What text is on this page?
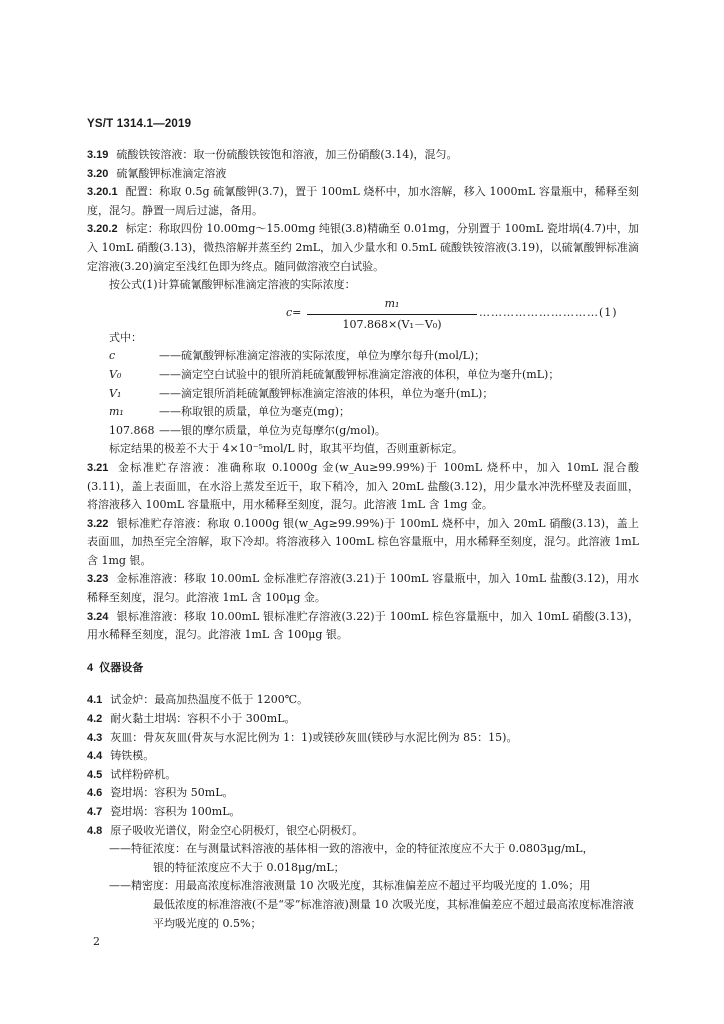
YS/T 1314.1—2019

3.19 硫酸铁铵溶液：取一份硫酸铁铵饱和溶液，加三份硝酸(3.14)，混匀。

3.20 硫氰酸钾标准滴定溶液

3.20.1 配置：称取 0.5g 硫氰酸钾(3.7)，置于 100mL 烧杯中，加水溶解，移入 1000mL 容量瓶中，稀释至刻度，混匀。静置一周后过滤，备用。

3.20.2 标定：称取四份 10.00mg～15.00mg 纯银(3.8)精确至 0.01mg，分别置于 100mL 瓷坩埚(4.7)中，加入 10mL 硝酸(3.13)，微热溶解并蒸至约 2mL，加入少量水和 0.5mL 硫酸铁铵溶液(3.19)，以硫氰酸钾标准滴定溶液(3.20)滴定至浅红色即为终点。随同做溶液空白试验。

按公式(1)计算硫氰酸钾标准滴定溶液的实际浓度：

$c= \frac{\text{m₁}}{\text{107.868×(V₁－V₀)}}$ …………………………(1)

式中：

c	——硫氰酸钾标准滴定溶液的实际浓度，单位为摩尔每升(mol/L)；
V₀	——滴定空白试验中的银所消耗硫氰酸钾标准滴定溶液的体积，单位为毫升(mL)；
V₁	——滴定银所消耗硫氰酸钾标准滴定溶液的体积，单位为毫升(mL)；
m₁	——称取银的质量，单位为毫克(mg)；
107.868 ——银的摩尔质量，单位为克每摩尔(g/mol)。

标定结果的极差不大于 4×10⁻⁵mol/L 时，取其平均值，否则重新标定。

3.21 金标准贮存溶液：准确称取 0.1000g 金(w_Au≥99.99%)于 100mL 烧杯中，加入 10mL 混合酸(3.11)，盖上表面皿，在水浴上蒸发至近干，取下稍冷，加入 20mL 盐酸(3.12)，用少量水冲洗杯壁及表面皿，将溶液移入 100mL 容量瓶中，用水稀释至刻度，混匀。此溶液 1mL 含 1mg 金。

3.22 银标准贮存溶液：称取 0.1000g 银(w_Ag≥99.99%)于 100mL 烧杯中，加入 20mL 硝酸(3.13)，盖上表面皿，加热至完全溶解，取下冷却。将溶液移入 100mL 棕色容量瓶中，用水稀释至刻度，混匀。此溶液 1mL 含 1mg 银。

3.23 金标准溶液：移取 10.00mL 金标准贮存溶液(3.21)于 100mL 容量瓶中，加入 10mL 盐酸(3.12)，用水稀释至刻度，混匀。此溶液 1mL 含 100μg 金。

3.24 银标准溶液：移取 10.00mL 银标准贮存溶液(3.22)于 100mL 棕色容量瓶中，加入 10mL 硝酸(3.13)，用水稀释至刻度，混匀。此溶液 1mL 含 100μg 银。

4 仪器设备

4.1 试金炉：最高加热温度不低于 1200℃。

4.2 耐火黏土坩埚：容积不小于 300mL。

4.3 灰皿：骨灰灰皿(骨灰与水泥比例为 1：1)或镁砂灰皿(镁砂与水泥比例为 85：15)。

4.4 铸铁模。

4.5 试样粉碎机。

4.6 瓷坩埚：容积为 50mL。

4.7 瓷坩埚：容积为 100mL。

4.8 原子吸收光谱仪，附金空心阴极灯，银空心阴极灯。

——特征浓度：在与测量试料溶液的基体相一致的溶液中，金的特征浓度应不大于 0.0803μg/mL，
银的特征浓度应不大于 0.018μg/mL；
——精密度：用最高浓度标准溶液测量 10 次吸光度，其标准偏差应不超过平均吸光度的 1.0%；用
最低浓度的标准溶液(不是“零”标准溶液)测量 10 次吸光度，其标准偏差应不超过最高浓度标准溶液平均吸光度的 0.5%；
2
